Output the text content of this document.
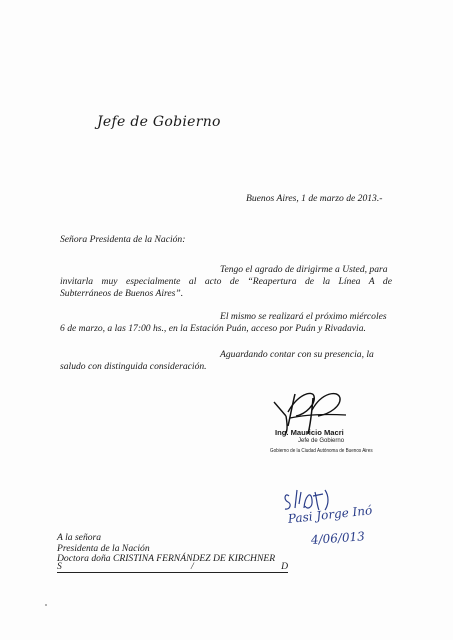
Jefe de Gobierno
Buenos Aires, 1 de marzo de 2013.-
Señora Presidenta de la Nación:
Tengo el agrado de dirigirme a Usted, para
invitarla muy especialmente al acto de “Reapertura de la Línea A de
Subterráneos de Buenos Aires”.
El mismo se realizará el próximo miércoles
6 de marzo, a las 17:00 hs., en la Estación Puán, acceso por Puán y Rivadavia.
Aguardando contar con su presencia, la
saludo con distinguida consideración.
Ing. Mauricio Macri
Jefe de Gobierno
Gobierno de la Ciudad Autónoma de Buenos Aires
Pasi Jorge Inó
4/06/013
A la señora
Presidenta de la Nación
Doctora doña CRISTINA FERNÁNDEZ DE KIRCHNER
S	/	D
